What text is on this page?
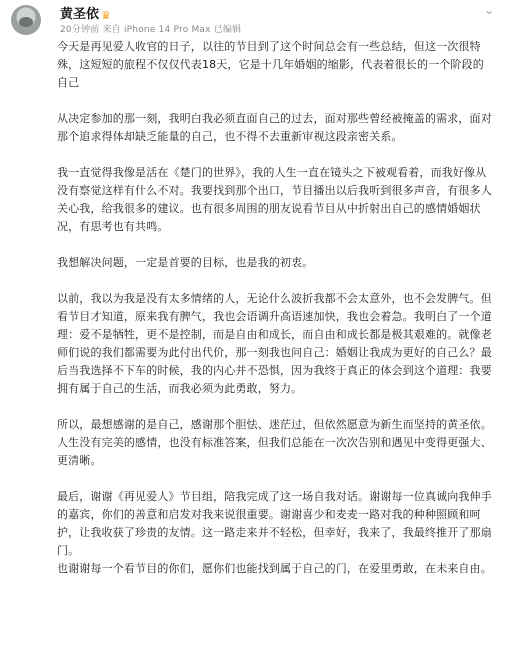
黄圣依 ♛
20分钟前 来自 iPhone 14 Pro Max 已编辑
⌄

今天是再见爱人收官的日子，以往的节目到了这个时间总会有一些总结，但这一次很特殊，这短短的旅程不仅仅代表18天，它是十几年婚姻的缩影，代表着很长的一个阶段的自己

从决定参加的那一刻，我明白我必须直面自己的过去，面对那些曾经被掩盖的需求，面对那个追求得体却缺乏能量的自己，也不得不去重新审视这段亲密关系。

我一直觉得我像是活在《楚门的世界》，我的人生一直在镜头之下被观看着，而我好像从没有察觉这样有什么不对。我要找到那个出口，节目播出以后我听到很多声音，有很多人关心我，给我很多的建议。也有很多周围的朋友说看节目从中折射出自己的感情婚姻状况，有思考也有共鸣。

我想解决问题，一定是首要的目标，也是我的初衷。

以前，我以为我是没有太多情绪的人，无论什么波折我都不会太意外，也不会发脾气。但看节目才知道，原来我有脾气，我也会语调升高语速加快，我也会着急。我明白了一个道理：爱不是牺牲，更不是控制，而是自由和成长，而自由和成长都是极其艰难的。就像老师们说的我们都需要为此付出代价，那一刻我也问自己：婚姻让我成为更好的自己么？最后当我选择不下车的时候，我的内心并不恐惧，因为我终于真正的体会到这个道理：我要拥有属于自己的生活，而我必须为此勇敢，努力。

所以，最想感谢的是自己，感谢那个胆怯、迷茫过，但依然愿意为新生而坚持的黄圣依。人生没有完美的感情，也没有标准答案，但我们总能在一次次告别和遇见中变得更强大、更清晰。

最后，谢谢《再见爱人》节目组，陪我完成了这一场自我对话。谢谢每一位真诚向我伸手的嘉宾，你们的善意和启发对我来说很重要。谢谢喜少和麦麦一路对我的种种照顾和呵护，让我收获了珍贵的友情。这一路走来并不轻松，但幸好，我来了，我最终推开了那扇门。

也谢谢每一个看节目的你们，愿你们也能找到属于自己的门，在爱里勇敢，在未来自由。
